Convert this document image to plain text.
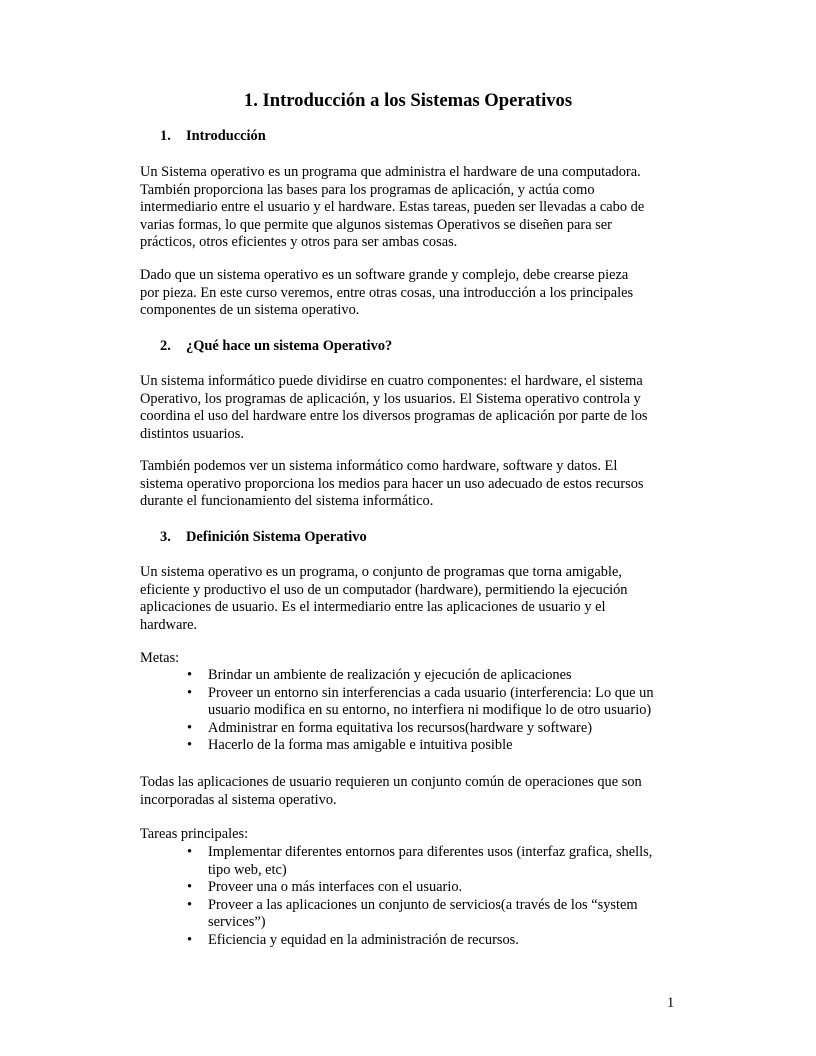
1. Introducción a los Sistemas Operativos

1. Introducción

Un Sistema operativo es un programa que administra el hardware de una computadora.
También proporciona las bases para los programas de aplicación, y actúa como
intermediario entre el usuario y el hardware. Estas tareas, pueden ser llevadas a cabo de
varias formas, lo que permite que algunos sistemas Operativos se diseñen para ser
prácticos, otros eficientes y otros para ser ambas cosas.

Dado que un sistema operativo es un software grande y complejo, debe crearse pieza
por pieza. En este curso veremos, entre otras cosas, una introducción a los principales
componentes de un sistema operativo.

2. ¿Qué hace un sistema Operativo?

Un sistema informático puede dividirse en cuatro componentes: el hardware, el sistema
Operativo, los programas de aplicación, y los usuarios. El Sistema operativo controla y
coordina el uso del hardware entre los diversos programas de aplicación por parte de los
distintos usuarios.

También podemos ver un sistema informático como hardware, software y datos. El
sistema operativo proporciona los medios para hacer un uso adecuado de estos recursos
durante el funcionamiento del sistema informático.

3. Definición Sistema Operativo

Un sistema operativo es un programa, o conjunto de programas que torna amigable,
eficiente y productivo el uso de un computador (hardware), permitiendo la ejecución
aplicaciones de usuario. Es el intermediario entre las aplicaciones de usuario y el
hardware.

Metas:

• Brindar un ambiente de realización y ejecución de aplicaciones
• Proveer un entorno sin interferencias a cada usuario (interferencia: Lo que un
usuario modifica en su entorno, no interfiera ni modifique lo de otro usuario)
• Administrar en forma equitativa los recursos(hardware y software)
• Hacerlo de la forma mas amigable e intuitiva posible

Todas las aplicaciones de usuario requieren un conjunto común de operaciones que son
incorporadas al sistema operativo.

Tareas principales:

• Implementar diferentes entornos para diferentes usos (interfaz grafica, shells,
tipo web, etc)
• Proveer una o más interfaces con el usuario.
• Proveer a las aplicaciones un conjunto de servicios(a través de los “system
services”)
• Eficiencia y equidad en la administración de recursos.

1
